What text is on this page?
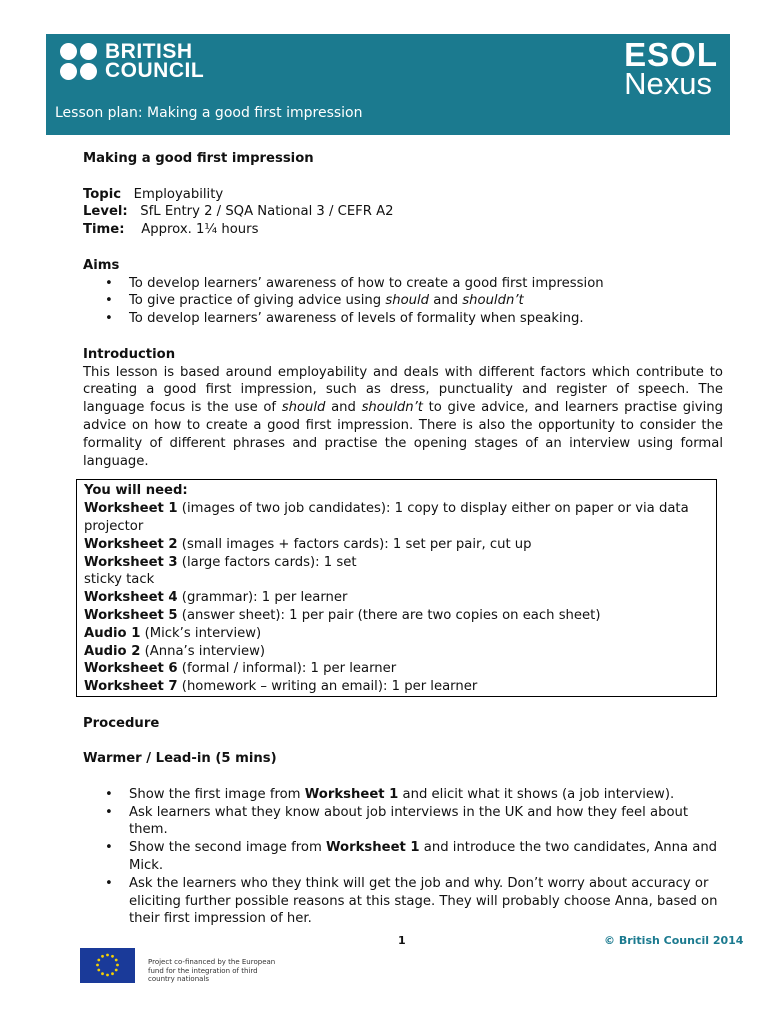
BRITISH
COUNCIL	ESOL
Nexus
Lesson plan: Making a good first impression
Making a good first impression
Topic Employability
Level: SfL Entry 2 / SQA National 3 / CEFR A2
Time: Approx. 1¼ hours
Aims
• To develop learners’ awareness of how to create a good first impression
• To give practice of giving advice using should and shouldn’t
• To develop learners’ awareness of levels of formality when speaking.
Introduction
This lesson is based around employability and deals with different factors which contribute to creating a good first impression, such as dress, punctuality and register of speech. The language focus is the use of should and shouldn’t to give advice, and learners practise giving advice on how to create a good first impression. There is also the opportunity to consider the formality of different phrases and practise the opening stages of an interview using formal language.
You will need:
Worksheet 1 (images of two job candidates): 1 copy to display either on paper or via data projector
Worksheet 2 (small images + factors cards): 1 set per pair, cut up
Worksheet 3 (large factors cards): 1 set
sticky tack
Worksheet 4 (grammar): 1 per learner
Worksheet 5 (answer sheet): 1 per pair (there are two copies on each sheet)
Audio 1 (Mick’s interview)
Audio 2 (Anna’s interview)
Worksheet 6 (formal / informal): 1 per learner
Worksheet 7 (homework – writing an email): 1 per learner
Procedure
Warmer / Lead-in (5 mins)
• Show the first image from Worksheet 1 and elicit what it shows (a job interview).
• Ask learners what they know about job interviews in the UK and how they feel about them.
• Show the second image from Worksheet 1 and introduce the two candidates, Anna and Mick.
• Ask the learners who they think will get the job and why. Don’t worry about accuracy or eliciting further possible reasons at this stage. They will probably choose Anna, based on their first impression of her.
1	© British Council 2014
Project co-financed by the European
fund for the integration of third
country nationals
